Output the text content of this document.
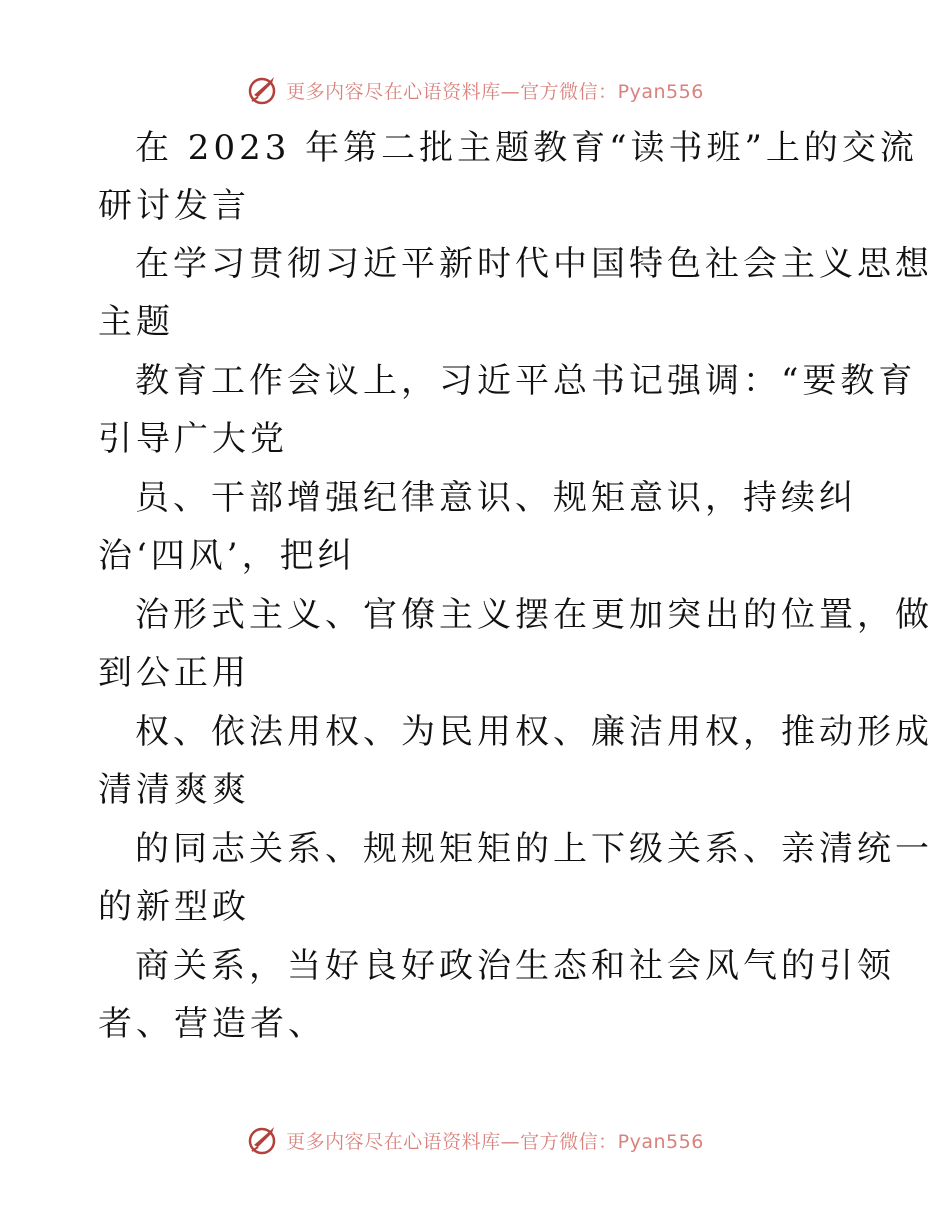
更多内容尽在心语资料库—官方微信：Pyan556
在 2023 年第二批主题教育“读书班”上的交流
研讨发言
在学习贯彻习近平新时代中国特色社会主义思想
主题
教育工作会议上，习近平总书记强调：“要教育
引导广大党
员、干部增强纪律意识、规矩意识，持续纠
治‘四风’，把纠
治形式主义、官僚主义摆在更加突出的位置，做
到公正用
权、依法用权、为民用权、廉洁用权，推动形成
清清爽爽
的同志关系、规规矩矩的上下级关系、亲清统一
的新型政
商关系，当好良好政治生态和社会风气的引领
者、营造者、
更多内容尽在心语资料库—官方微信：Pyan556
